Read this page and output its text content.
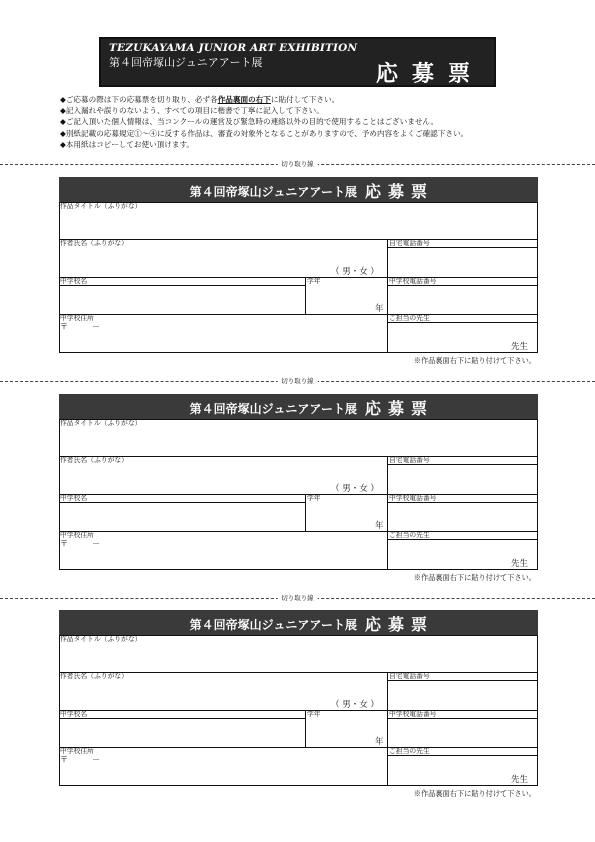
TEZUKAYAMA JUNIOR ART EXHIBITION
第４回帝塚山ジュニアアート展	応募票
◆ご応募の際は下の応募票を切り取り、必ず各作品裏面の右下に貼付して下さい。
◆記入漏れや誤りのないよう、すべての項目に楷書で丁寧に記入して下さい。
◆ご記入頂いた個人情報は、当コンクールの運営及び緊急時の連絡以外の目的で使用することはございません。
◆別紙記載の応募規定①～④に反する作品は、審査の対象外となることがありますので、予め内容をよくご確認下さい。
◆本用紙はコピーしてお使い頂けます。
切り取り線
切り取り線
切り取り線
第４回帝塚山ジュニアアート展 応募票
作品タイトル（ふりがな）
作者氏名（ふりがな）	自宅電話番号
（ 男・女 ）
中学校名	学年	中学校電話番号
年
中学校住所
〒　　　－
ご担当の先生
先生
※作品裏面右下に貼り付けて下さい。
第４回帝塚山ジュニアアート展 応募票
作品タイトル（ふりがな）
作者氏名（ふりがな）	自宅電話番号
（ 男・女 ）
中学校名	学年	中学校電話番号
年
中学校住所
〒　　　－
ご担当の先生
先生
※作品裏面右下に貼り付けて下さい。
第４回帝塚山ジュニアアート展 応募票
作品タイトル（ふりがな）
作者氏名（ふりがな）	自宅電話番号
（ 男・女 ）
中学校名	学年	中学校電話番号
年
中学校住所
〒　　　－
ご担当の先生
先生
※作品裏面右下に貼り付けて下さい。
